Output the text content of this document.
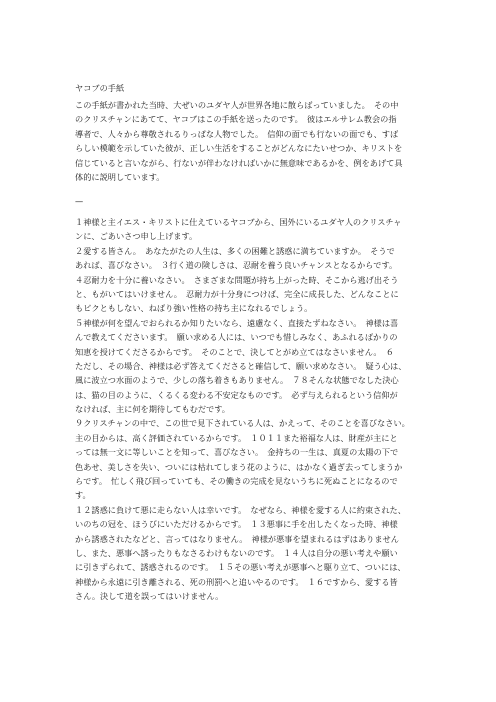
ヤコブの手紙
この手紙が書かれた当時、大ぜいのユダヤ人が世界各地に散らばっていました。　その中
のクリスチャンにあてて、ヤコブはこの手紙を送ったのです。　彼はエルサレム教会の指
導者で、人々から尊敬されるりっぱな人物でした。　信仰の面でも行ないの面でも、すば
らしい模範を示していた彼が、正しい生活をすることがどんなにたいせつか、キリストを
信じていると言いながら、行ないが伴わなければいかに無意味であるかを、例をあげて具
体的に説明しています。
—
１神様と主イエス・キリストに仕えているヤコブから、国外にいるユダヤ人のクリスチャ
ンに、ごあいさつ申し上げます。
２愛する皆さん。　あなたがたの人生は、多くの困難と誘惑に満ちていますか。　そうで
あれば、喜びなさい。　３行く道の険しさは、忍耐を養う良いチャンスとなるからです。
４忍耐力を十分に養いなさい。　さまざまな問題が持ち上がった時、そこから逃げ出そう
と、もがいてはいけません。　忍耐力が十分身につけば、完全に成長した、どんなことに
もビクともしない、ねばり強い性格の持ち主になれるでしょう。
５神様が何を望んでおられるか知りたいなら、遠慮なく、直接たずねなさい。　神様は喜
んで教えてくださいます。　願い求める人には、いつでも惜しみなく、あふれるばかりの
知恵を授けてくださるからです。　そのことで、決してとがめ立てはなさいません。　６
ただし、その場合、神様は必ず答えてくださると確信して、願い求めなさい。　疑う心は、
風に波立つ水面のようで、少しの落ち着きもありません。　７８そんな状態でなした決心
は、猫の目のように、くるくる変わる不安定なものです。　必ず与えられるという信仰が
なければ、主に何を期待してもむだです。
９クリスチャンの中で、この世で見下されている人は、かえって、そのことを喜びなさい。
主の目からは、高く評価されているからです。　１０１１また裕福な人は、財産が主にと
っては無一文に等しいことを知って、喜びなさい。　金持ちの一生は、真夏の太陽の下で
色あせ、美しさを失い、ついには枯れてしまう花のように、はかなく過ぎ去ってしまうか
らです。　忙しく飛び回っていても、その働きの完成を見ないうちに死ぬことになるので
す。
１２誘惑に負けて悪に走らない人は幸いです。　なぜなら、神様を愛する人に約束された、
いのちの冠を、ほうびにいただけるからです。　１３悪事に手を出したくなった時、神様
から誘惑されたなどと、言ってはなりません。　神様が悪事を望まれるはずはありません
し、また、悪事へ誘ったりもなさるわけもないのです。　１４人は自分の悪い考えや願い
に引きずられて、誘惑されるのです。　１５その悪い考えが悪事へと駆り立て、ついには、
神様から永遠に引き離される、死の刑罰へと追いやるのです。　１６ですから、愛する皆
さん。決して道を誤ってはいけません。
